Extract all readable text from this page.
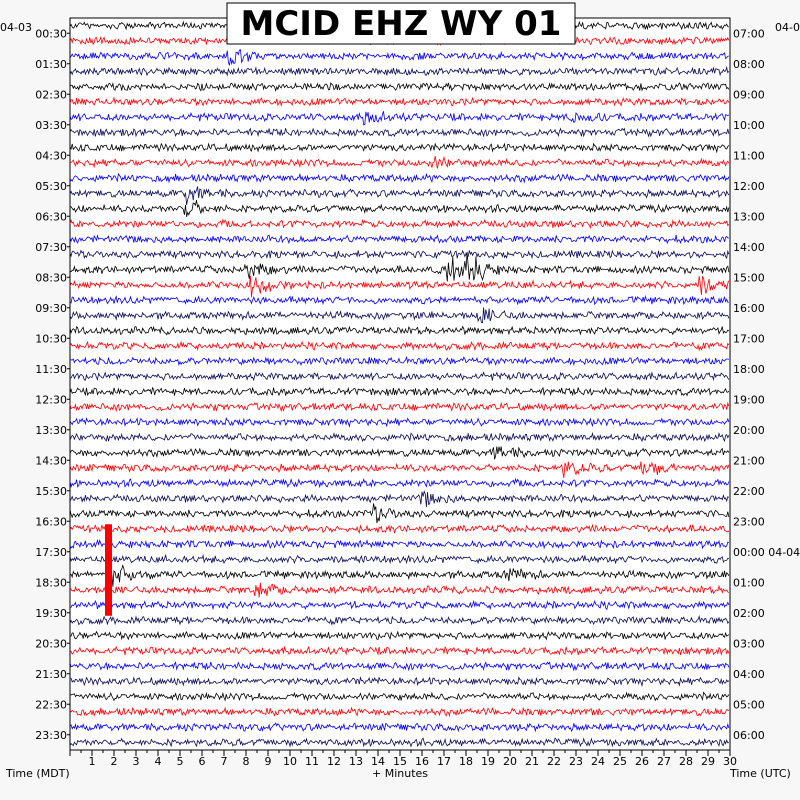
1 2 3 4 5 6 7 8 9 10 11 12 13 14 15 16 17 18 19 20 21 22 23 24 25 26 27 28 29 30
00:30
01:30
02:30
03:30
04:30
05:30
06:30
07:30
08:30
09:30
10:30
11:30
12:30
13:30
14:30
15:30
16:30
17:30
18:30
19:30
20:30
21:30
22:30
23:30
07:00
08:00
09:00
10:00
11:00
12:00
13:00
14:00
15:00
16:00
17:00
18:00
19:00
20:00
21:00
22:00
23:00
00:00 04-04
01:00
02:00
03:00
04:00
05:00
06:00
MCID EHZ WY 01
04-03	04-0
Time (MDT)	+ Minutes	Time (UTC)
